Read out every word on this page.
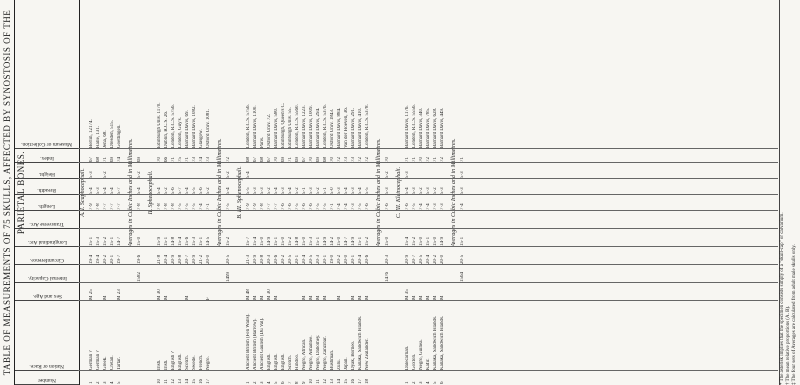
TABLE OF MEASUREMENTS OF 75 SKULLS, AFFECTED BY SYNOSTOSIS OF THE PARIETAL BONES.
Number
Nation or Race.
Sex and Age.
Internal Capacity.
Circumference.
Longitudinal Arc.
Transverse Arc.
Length.
Breadth.
Height.
Index.
Museum or Collection.
A. I. Scaphocephali.
1
German ?
M 25
19·4
15·1
7·9
5·4
5·3
67
Berlin, 12174.
2
German ?
19·4
15·3
7·8
5·3
68
Halle, 131.
3
Greek.
M
20·2
15·2
7·7
5·4
5·2
71
Jena, 68.
4
Cretan.
20·1
15·1
7·7
5·4
69
Dresden, 515.
5
Tartar.
M 23
19·7
14·7
7·7
5·7
74
Goettingen.
Averages in Cubic Inches and in Millimetres.
1582
19·6
15·0
7·8
5·4
5·2
69
II. Sphenocephali.
10
Irish.
M 30
21·8
15·9
7·8
5·4
70
Edinburgh Univ. 1170.
11
Irish.
M
20·4
15·1
7·8
5·2
66
Dublin, R.C.S. 26.
12
English ?
20·9
14·8
7·8
5·6
71
London, R.C.S. 5756.
13
English.
20·8
15·4
7·5
5·7
75
London, Guy's.
14
Scotch.
M
20·7
15·6
7·5
5·4
71
Barnard Davis, 69.
15
Swede.
20·9
15·3
7·5
5·5
73
Barnard Davis, 1082.
16
French.
21·2
15·1
7·4
5·6
74
Glasgow.
17
Negro.
F
20·0
14·5
7·1
5·2
73
Oxford Univ. 1081.
Averages in Cubic Inches and in Millimetres.
1499
20·5
15·2
7·5
5·4
5·2
72
B. III. Sphenocephali.
1
Ancient British (Fen Walls).
M 48
21·3
15·7
7·9
5·5
5·4
68
London, R.C.S. 5756.
2
Ancient British (Barrow).
M
20·9
15·4
7·9
5·3
67
Barnard Davis, 1100.
3
Ancient Gaulish (Du Val).
M
20·8
15·0
7·8
5·3
68
Paris.
4
English.
M 30
20·3
14·9
7·7
5·2
67
Oxford Univ. 72.
5
English.
M
20·6
15·1
7·7
5·4
70
Barnard Davis, 580.
6
English.
20·2
15·0
7·6
5·3
69
Edinburgh, Queen's C.
7
Scotch.
20·5
15·2
7·6
5·4
71
Edinburgh Univ. 55.
8
Hindoo.
20·1
14·8
7·5
5·2
69
London, R.C.S. 5560.
9
Negro, African.
M
20·4
15·0
7·6
5·1
67
Barnard Davis, 1223.
10
Negro, Ashantee.
M
20·5
15·3
7·6
5·3
70
Barnard Davis, 1009.
11
Negro, Dahomey.
M
20·3
15·1
7·5
5·2
69
Barnard Davis, 294.
12
Negro, Zanzibar.
M
20·1
14·9
7·5
5·1
68
London, R.C.S. 5376.
13
Bushman.
19·0
14·2
7·1
5·0
70
Oxford Univ. 1843.
14
Zulu.
M
20·2
15·0
7·4
5·3
72
Barnard Davis, 884.
15
Japan.
20·0
14·7
7·4
5·4
73
Van der Hoeven, 36.
16
Dyak, Borneo.
M
20·1
14·9
7·3
5·3
73
Barnard Davis, 291.
17
Kanaka, Sandwich Islands.
M
20·4
15·1
7·5
5·4
72
Barnard Davis, 410.
18
New Zealander.
M
20·6
15·2
7·6
5·5
72
London, R.C.S. 5378.
Averages in Cubic Inches and in Millimetres.
1476
20·3
15·0
7·6
5·3
5·2
70
C. III. Kleinocephali.
1
Dalecarlian.
M 35
20·9
15·4
7·6
5·4
5·3
71
Barnard Davis, 1176.
2
Goxton.
M
20·7
15·2
7·5
5·3
71
London, R.C.S. 5556.
3
Negro, Guinea.
M
20·5
15·0
7·4
5·2
70
Barnard Davis, 340.
4
Kafir.
M
20·4
15·1
7·4
5·3
72
Barnard Davis, 785.
5
Kanaka, Sandwich Islands.
M
20·2
15·0
7·3
5·2
71
Barnard Davis, 628.
6
Kanaka, Sandwich Islands.
M
20·0
14·9
7·3
5·3
72
Barnard Davis, 449.
Averages in Cubic Inches and in Millimetres.
1564
20·5
15·1
7·4
5·3
5·3
71
* The asterisk implies that the specimen consists simply of a "skull-cap" or calvarium. † The mean relative proportions (A. B). ‡ The four sets of Averages are calculated from adult male skulls only.
